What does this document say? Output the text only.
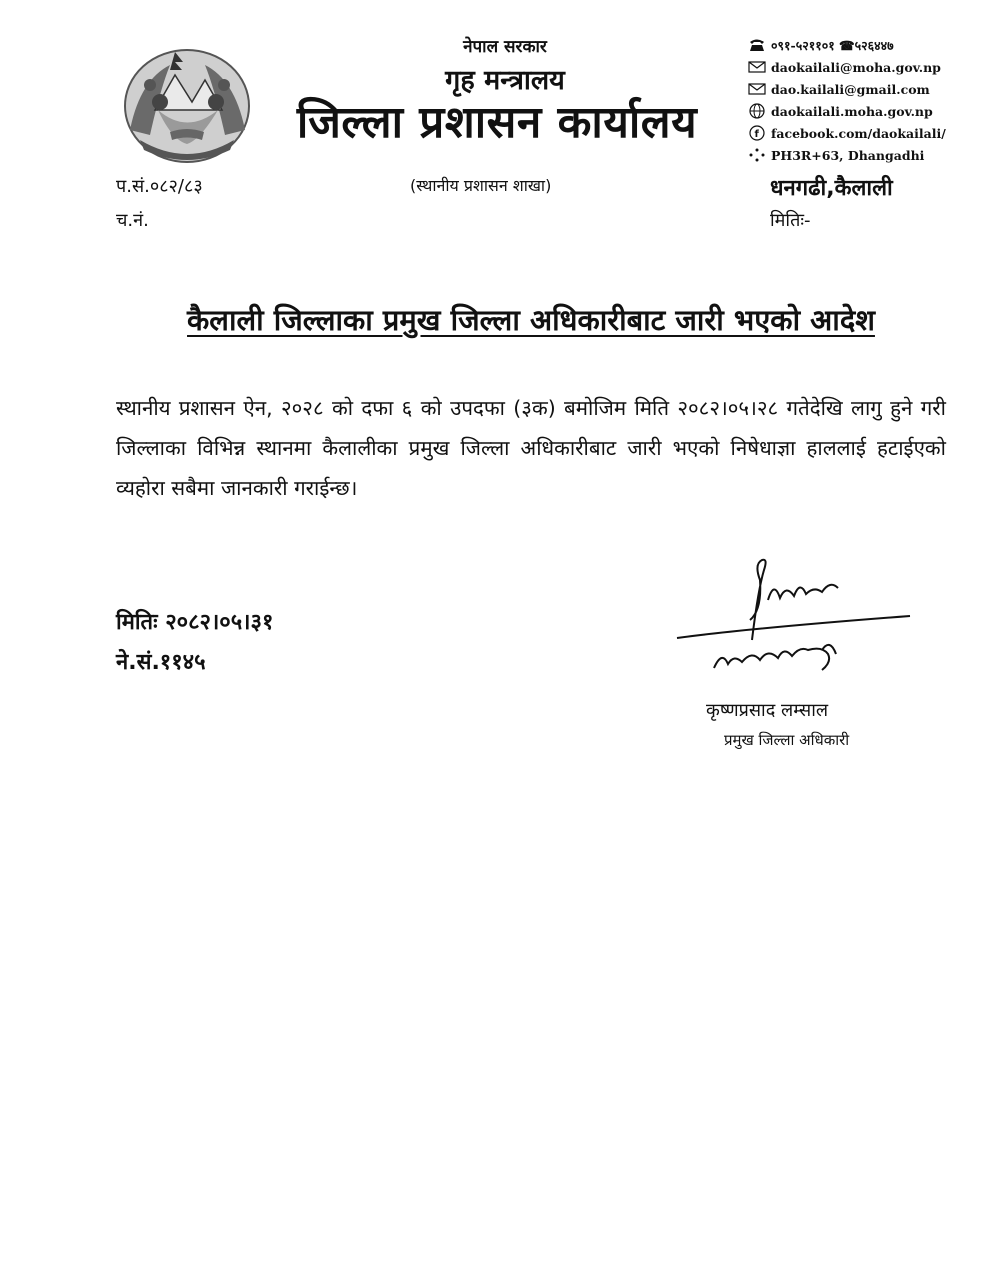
नेपाल सरकार
गृह मन्त्रालय
जिल्ला प्रशासन कार्यालय
०९१-५२११०१ ☎५२६४४७
daokailali@moha.gov.np
dao.kailali@gmail.com
daokailali.moha.gov.np
f facebook.com/daokailali/
PH3R+63, Dhangadhi
प.सं.०८२/८३	(स्थानीय प्रशासन शाखा)	धनगढी,कैलाली
च.नं.	मितिः-
कैलाली जिल्लाका प्रमुख जिल्ला अधिकारीबाट जारी भएको आदेश

स्थानीय प्रशासन ऐन, २०२८ को दफा ६ को उपदफा (३क) बमोजिम मिति २०८२।०५।२८ गतेदेखि लागु हुने गरी जिल्लाका विभिन्न स्थानमा कैलालीका प्रमुख जिल्ला अधिकारीबाट जारी भएको निषेधाज्ञा हाललाई हटाईएको व्यहोरा सबैमा जानकारी गराईन्छ।

मितिः २०८२।०५।३१
ने.सं.११४५
कृष्णप्रसाद लम्साल
प्रमुख जिल्ला अधिकारी
